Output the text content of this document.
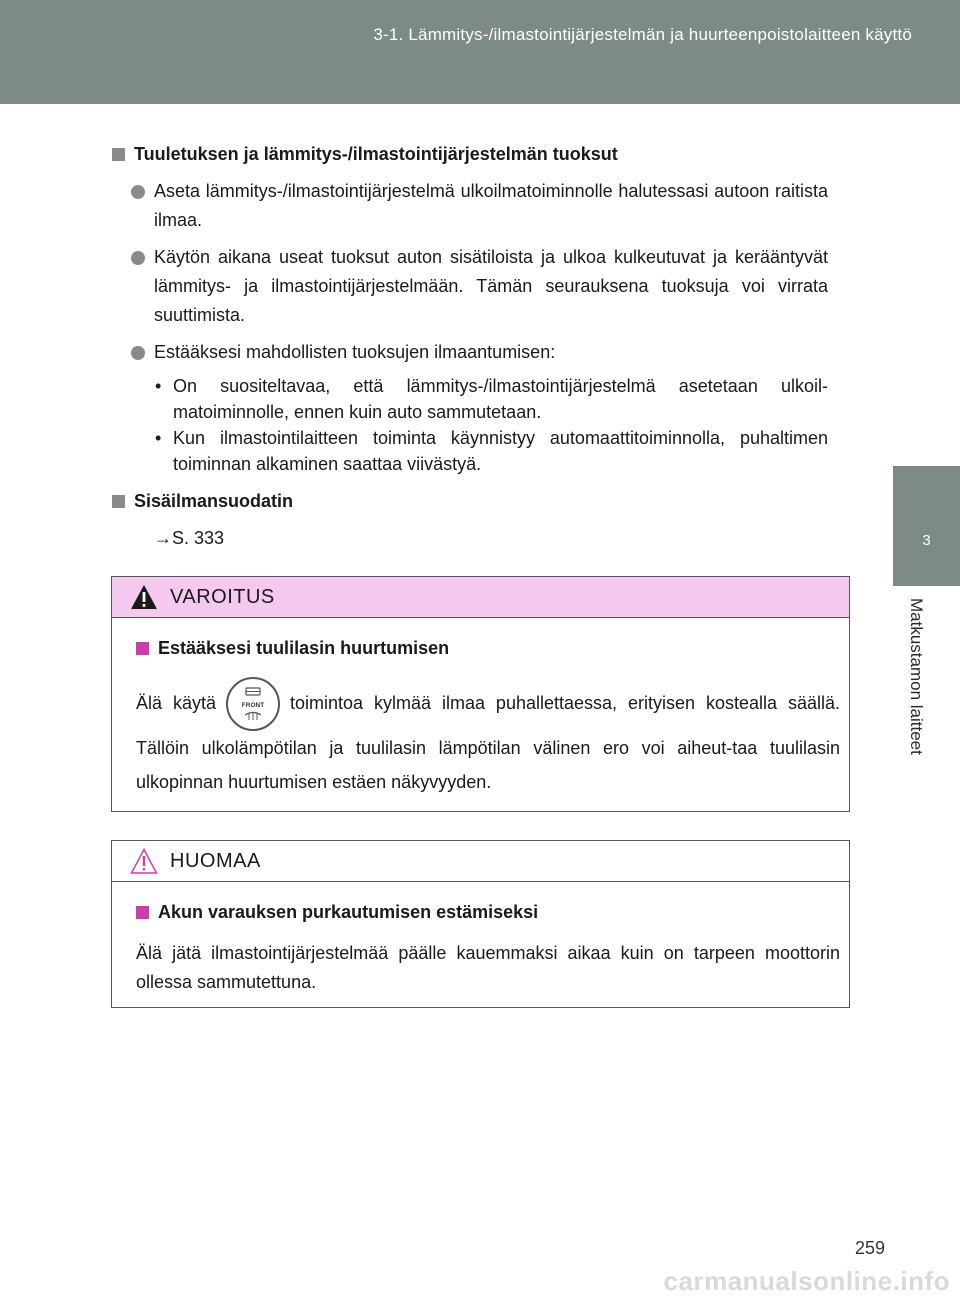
3-1. Lämmitys-/ilmastointijärjestelmän ja huurteenpoistolaitteen käyttö
3
Matkustamon laitteet
Tuuletuksen ja lämmitys-/ilmastointijärjestelmän tuoksut
Aseta lämmitys-/ilmastointijärjestelmä ulkoilmatoiminnolle halutessasi autoon raitista ilmaa.
Käytön aikana useat tuoksut auton sisätiloista ja ulkoa kulkeutuvat ja kerääntyvät lämmitys- ja ilmastointijärjestelmään. Tämän seurauksena tuoksuja voi virrata suuttimista.
Estääksesi mahdollisten tuoksujen ilmaantumisen:
• On suositeltavaa, että lämmitys-/ilmastointijärjestelmä asetetaan ulkoil-matoiminnolle, ennen kuin auto sammutetaan.
• Kun ilmastointilaitteen toiminta käynnistyy automaattitoiminnolla, puhaltimen toiminnan alkaminen saattaa viivästyä.
Sisäilmansuodatin
→S. 333
VAROITUS
Estääksesi tuulilasin huurtumisen
Älä käytä	FRONT toimintoa kylmää ilmaa puhallettaessa, erityisen kostealla säällä. Tällöin ulkolämpötilan ja tuulilasin lämpötilan välinen ero voi aiheut-taa tuulilasin ulkopinnan huurtumisen estäen näkyvyyden.
HUOMAA
Akun varauksen purkautumisen estämiseksi
Älä jätä ilmastointijärjestelmää päälle kauemmaksi aikaa kuin on tarpeen moottorin ollessa sammutettuna.
259
carmanualsonline.info
